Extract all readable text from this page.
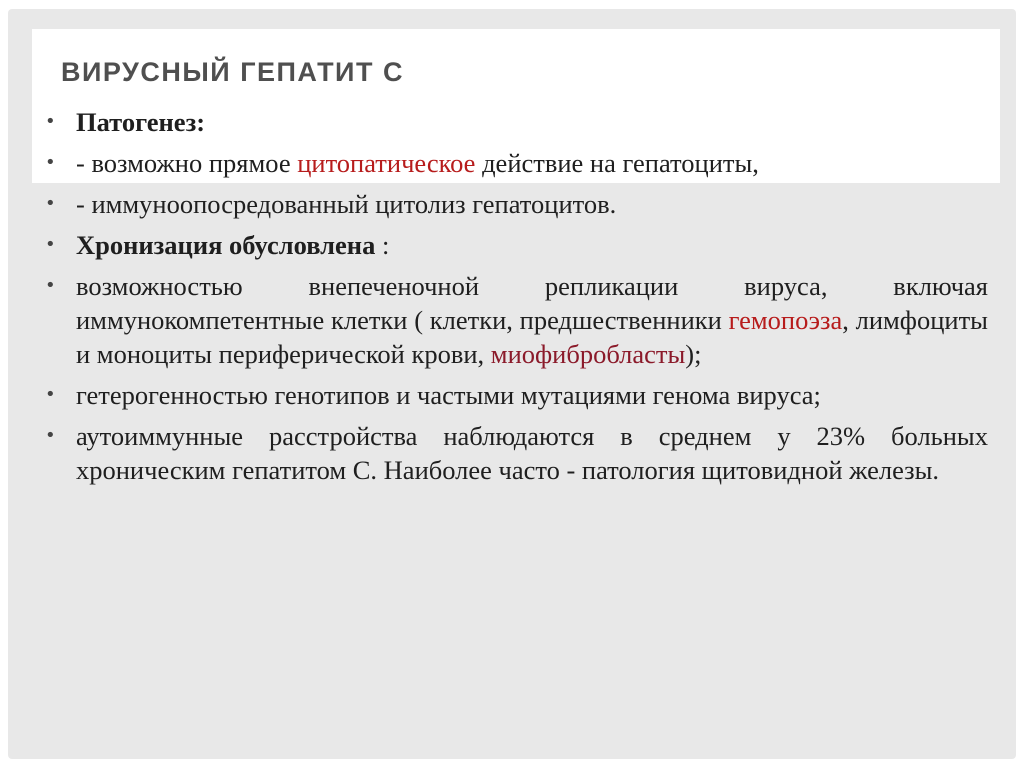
ВИРУСНЫЙ ГЕПАТИТ С
• Патогенез:
• - возможно прямое цитопатическое действие на гепатоциты,
• - иммуноопосредованный цитолиз гепатоцитов.
• Хронизация обусловлена :
• возможностью внепеченочной репликации вируса, включая иммунокомпетентные клетки ( клетки, предшественники гемопоэза, лимфоциты и моноциты периферической крови, миофибробласты);
• гетерогенностью генотипов и частыми мутациями генома вируса;
• аутоиммунные расстройства наблюдаются в среднем у 23% больных хроническим гепатитом С. Наиболее часто - патология щитовидной железы.
